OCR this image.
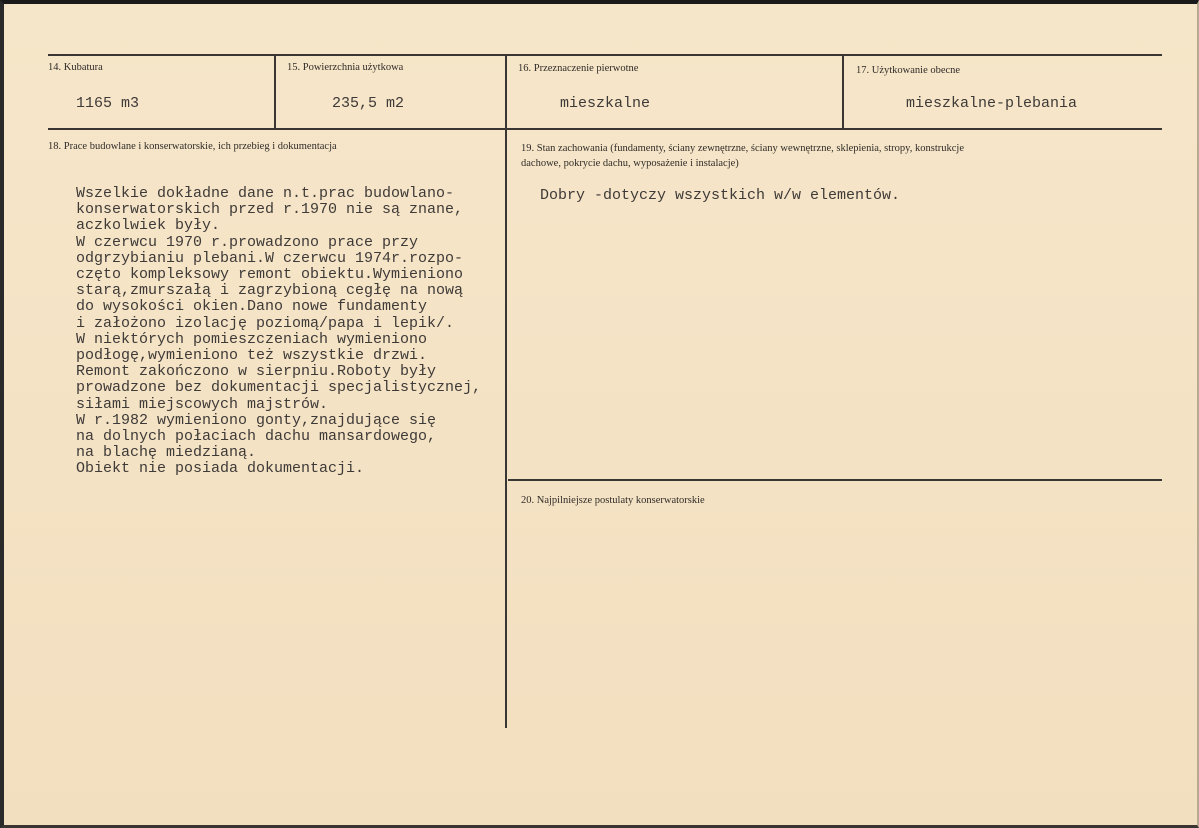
14. Kubatura
1165 m3
15. Powierzchnia użytkowa
235,5 m2
16. Przeznaczenie pierwotne
mieszkalne
17. Użytkowanie obecne
mieszkalne-plebania
18. Prace budowlane i konserwatorskie, ich przebieg i dokumentacja
Wszelkie dokładne dane n.t.prac budowlano-
konserwatorskich przed r.1970 nie są znane,
aczkolwiek były.
W czerwcu 1970 r.prowadzono prace przy
odgrzybianiu plebani.W czerwcu 1974r.rozpo-
częto kompleksowy remont obiektu.Wymieniono
starą,zmurszałą i zagrzybioną cegłę na nową
do wysokości okien.Dano nowe fundamenty
i założono izolację poziomą/papa i lepik/.
W niektórych pomieszczeniach wymieniono
podłogę,wymieniono też wszystkie drzwi.
Remont zakończono w sierpniu.Roboty były
prowadzone bez dokumentacji specjalistycznej,
siłami miejscowych majstrów.
W r.1982 wymieniono gonty,znajdujące się
na dolnych połaciach dachu mansardowego,
na blachę miedzianą.
Obiekt nie posiada dokumentacji.
19. Stan zachowania (fundamenty, ściany zewnętrzne, ściany wewnętrzne, sklepienia, stropy, konstrukcje
dachowe, pokrycie dachu, wyposażenie i instalacje)
Dobry -dotyczy wszystkich w/w elementów.
20. Najpilniejsze postulaty konserwatorskie
